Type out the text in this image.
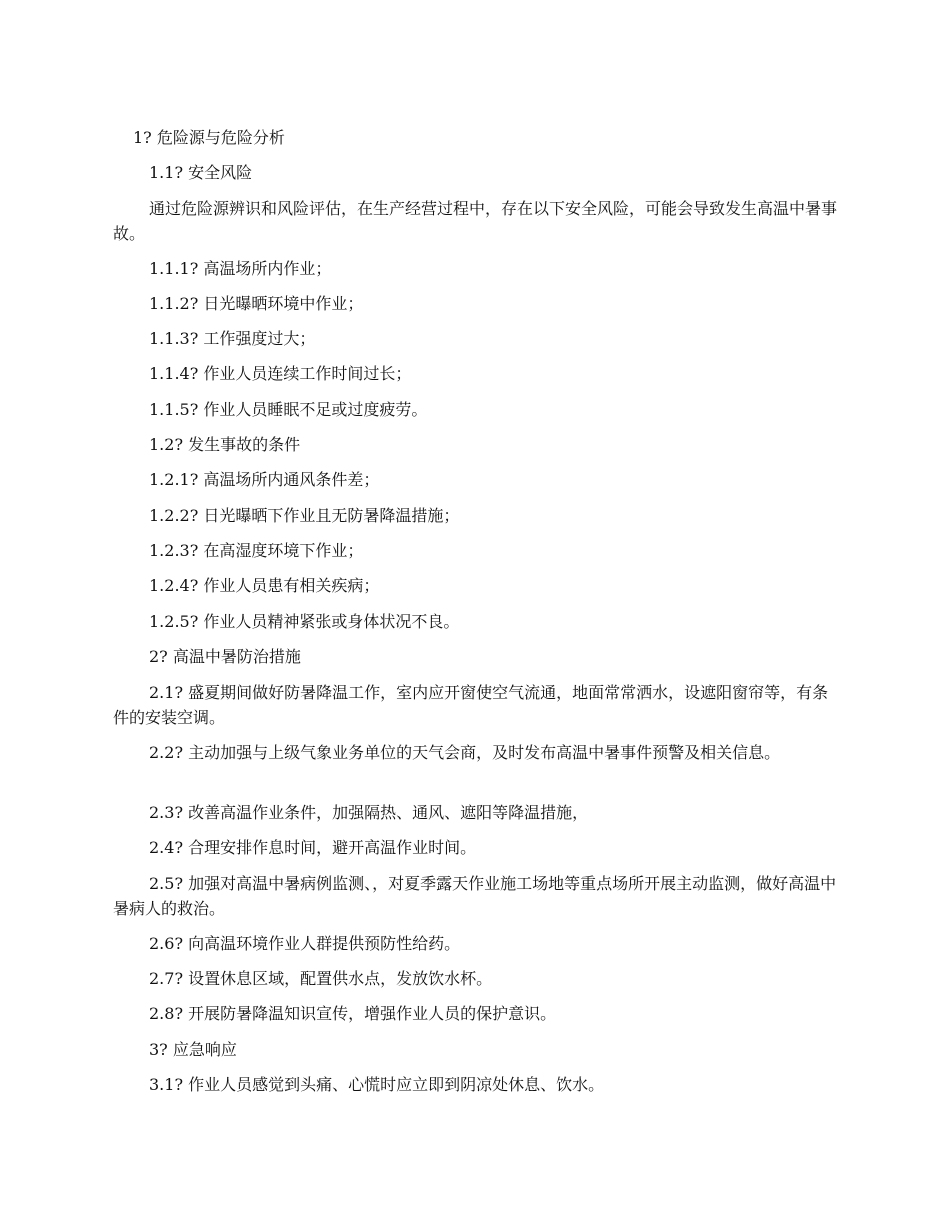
1? 危险源与危险分析

1.1? 安全风险

通过危险源辨识和风险评估，在生产经营过程中，存在以下安全风险，可能会导致发生高温中暑事故。

1.1.1? 高温场所内作业；

1.1.2? 日光曝晒环境中作业；

1.1.3? 工作强度过大；

1.1.4? 作业人员连续工作时间过长；

1.1.5? 作业人员睡眠不足或过度疲劳。

1.2? 发生事故的条件

1.2.1? 高温场所内通风条件差；

1.2.2? 日光曝晒下作业且无防暑降温措施；

1.2.3? 在高湿度环境下作业；

1.2.4? 作业人员患有相关疾病；

1.2.5? 作业人员精神紧张或身体状况不良。

2? 高温中暑防治措施

2.1? 盛夏期间做好防暑降温工作，室内应开窗使空气流通，地面常常洒水，设遮阳窗帘等，有条件的安装空调。

2.2? 主动加强与上级气象业务单位的天气会商，及时发布高温中暑事件预警及相关信息。

2.3? 改善高温作业条件，加强隔热、通风、遮阳等降温措施，

2.4? 合理安排作息时间，避开高温作业时间。

2.5? 加强对高温中暑病例监测、，对夏季露天作业施工场地等重点场所开展主动监测，做好高温中暑病人的救治。

2.6? 向高温环境作业人群提供预防性给药。

2.7? 设置休息区域，配置供水点，发放饮水杯。

2.8? 开展防暑降温知识宣传，增强作业人员的保护意识。

3? 应急响应

3.1? 作业人员感觉到头痛、心慌时应立即到阴凉处休息、饮水。
